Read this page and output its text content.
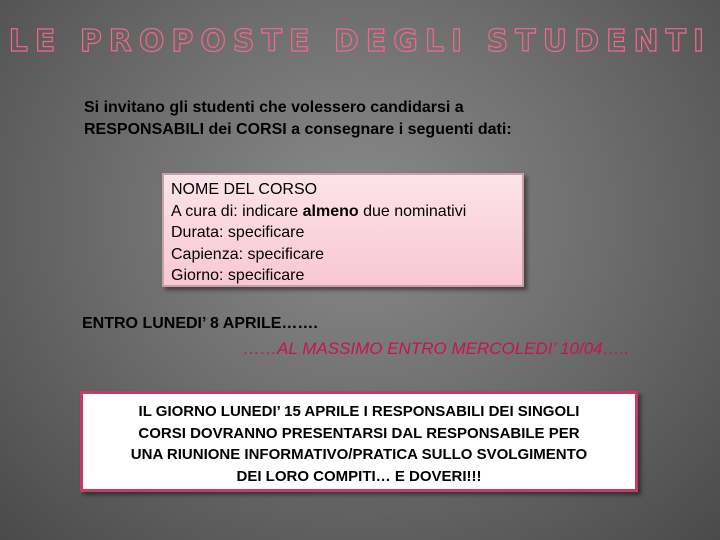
LE PROPOSTE DEGLI STUDENTI
Si invitano gli studenti che volessero candidarsi a
RESPONSABILI dei CORSI a consegnare i seguenti dati:
NOME DEL CORSO
A cura di: indicare almeno due nominativi
Durata: specificare
Capienza: specificare
Giorno: specificare
ENTRO LUNEDI’ 8 APRILE…….
……AL MASSIMO ENTRO MERCOLEDI’ 10/04…..
IL GIORNO LUNEDI’ 15 APRILE I RESPONSABILI DEI SINGOLI
CORSI DOVRANNO PRESENTARSI DAL RESPONSABILE PER
UNA RIUNIONE INFORMATIVO/PRATICA SULLO SVOLGIMENTO
DEI LORO COMPITI… E DOVERI!!!
